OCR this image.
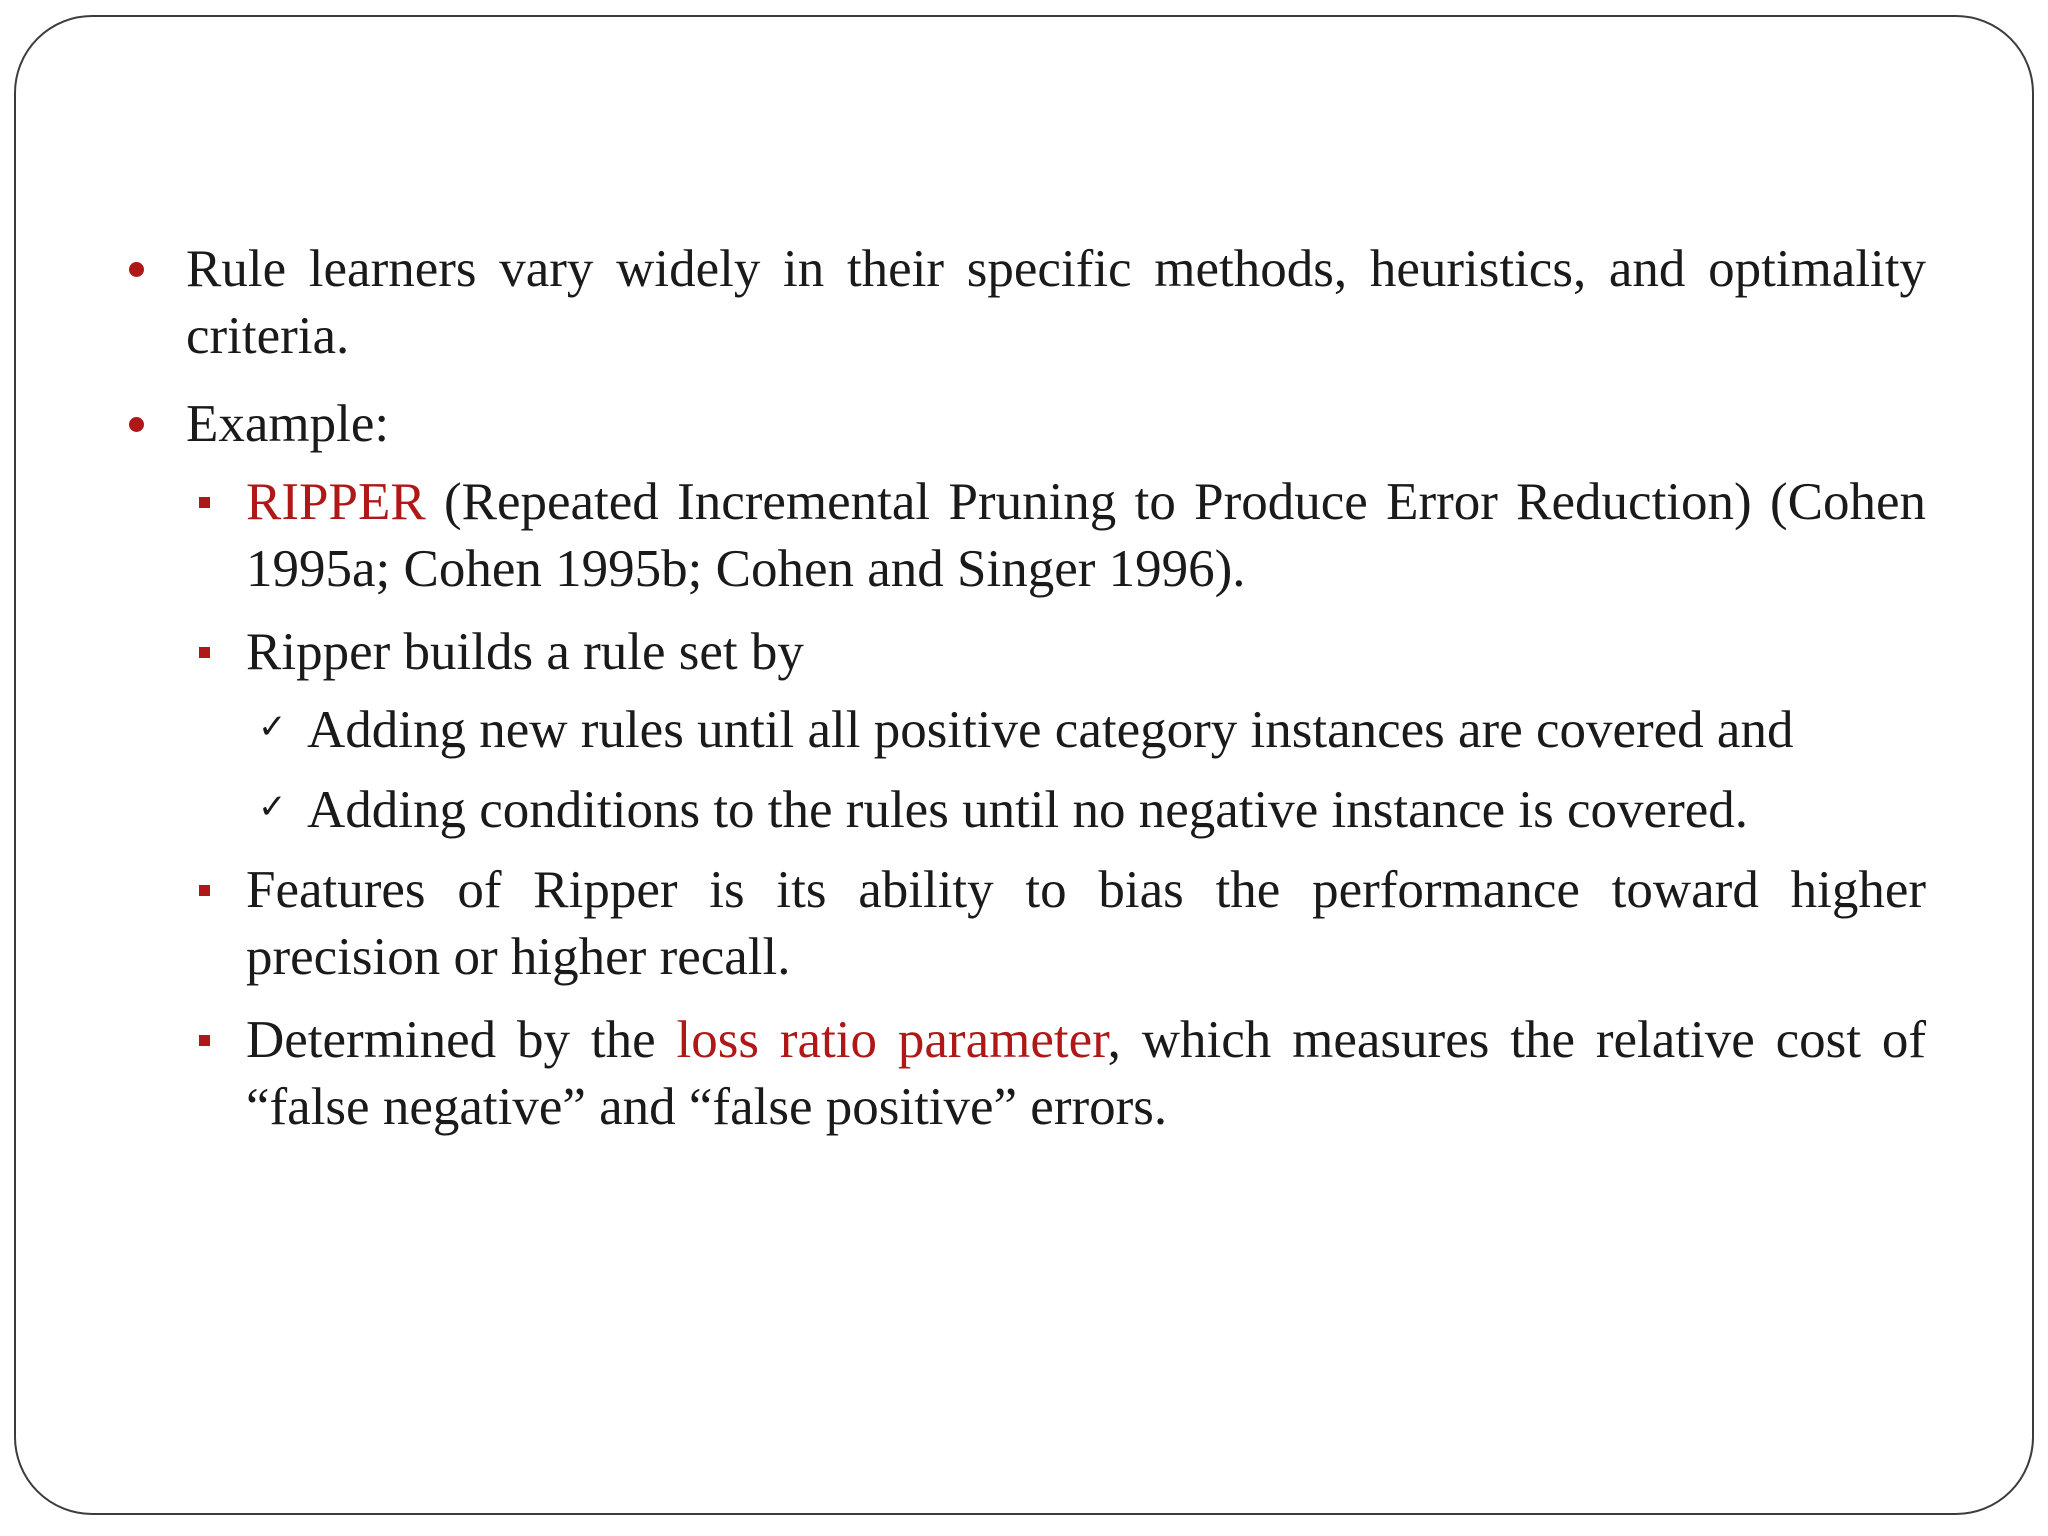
Rule learners vary widely in their specific methods, heuristics, and optimality criteria.
Example:
RIPPER (Repeated Incremental Pruning to Produce Error Reduction) (Cohen 1995a; Cohen 1995b; Cohen and Singer 1996).
Ripper builds a rule set by
✓ Adding new rules until all positive category instances are covered and
✓ Adding conditions to the rules until no negative instance is covered.
Features of Ripper is its ability to bias the performance toward higher precision or higher recall.
Determined by the loss ratio parameter, which measures the relative cost of “false negative” and “false positive” errors.
